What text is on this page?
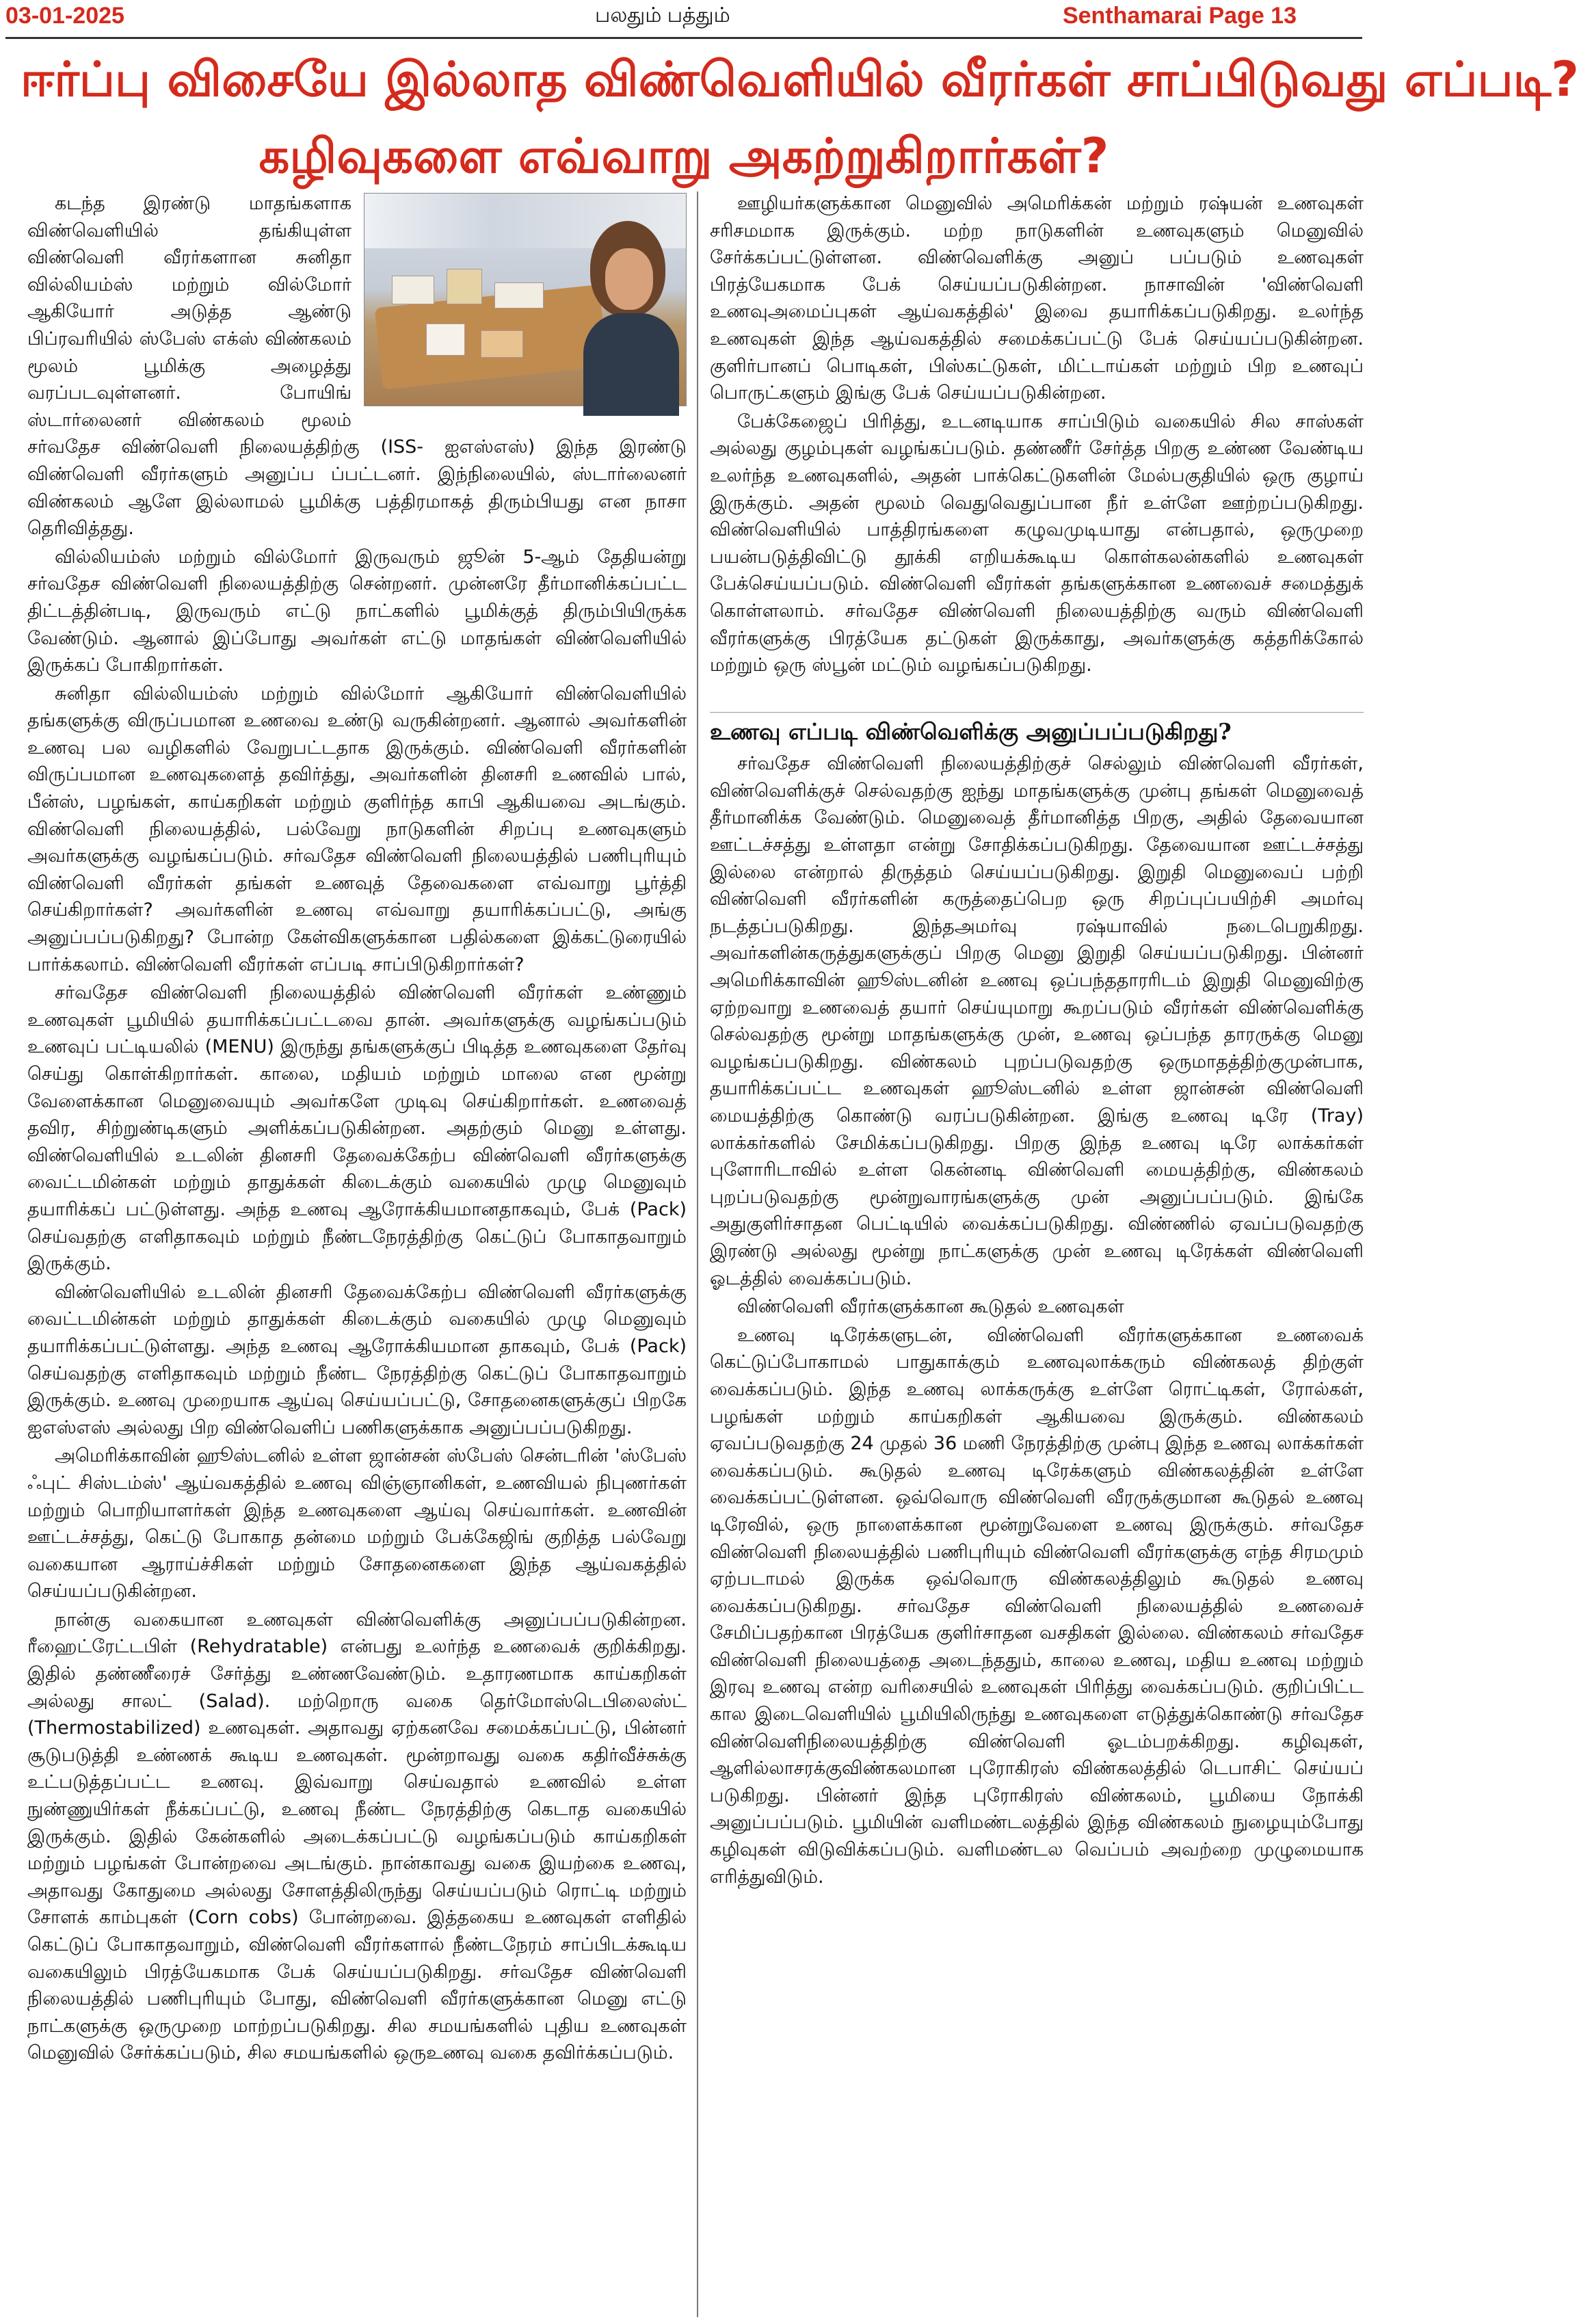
03-01-2025	பலதும் பத்தும்	Senthamarai Page 13
ஈர்ப்பு விசையே இல்லாத விண்வெளியில் வீரர்கள் சாப்பிடுவது எப்படி?
கழிவுகளை எவ்வாறு அகற்றுகிறார்கள்?

கடந்த இரண்டு மாதங்களாக விண்வெளியில் தங்கியுள்ள விண்வெளி வீரர்களான சுனிதா வில்லியம்ஸ் மற்றும் வில்மோர் ஆகியோர் அடுத்த ஆண்டு பிப்ரவரியில் ஸ்பேஸ் எக்ஸ் விண்கலம் மூலம் பூமிக்கு அழைத்து வரப்படவுள்ளனர். போயிங் ஸ்டார்லைனர் விண்கலம் மூலம் சர்வதேச விண்வெளி நிலையத்திற்கு (ISS- ஐஎஸ்எஸ்) இந்த இரண்டு விண்வெளி வீரர்களும் அனுப்ப ப்பட்டனர். இந்நிலையில், ஸ்டார்லைனர் விண்கலம் ஆளே இல்லாமல் பூமிக்கு பத்திரமாகத் திரும்பியது என நாசா தெரிவித்தது.

வில்லியம்ஸ் மற்றும் வில்மோர் இருவரும் ஜூன் 5-ஆம் தேதியன்று சர்வதேச விண்வெளி நிலையத்திற்கு சென்றனர். முன்னரே தீர்மானிக்கப்பட்ட திட்டத்தின்படி, இருவரும் எட்டு நாட்களில் பூமிக்குத் திரும்பியிருக்க வேண்டும். ஆனால் இப்போது அவர்கள் எட்டு மாதங்கள் விண்வெளியில் இருக்கப் போகிறார்கள்.

சுனிதா வில்லியம்ஸ் மற்றும் வில்மோர் ஆகியோர் விண்வெளியில் தங்களுக்கு விருப்பமான உணவை உண்டு வருகின்றனர். ஆனால் அவர்களின் உணவு பல வழிகளில் வேறுபட்டதாக இருக்கும். விண்வெளி வீரர்களின் விருப்பமான உணவுகளைத் தவிர்த்து, அவர்களின் தினசரி உணவில் பால், பீன்ஸ், பழங்கள், காய்கறிகள் மற்றும் குளிர்ந்த காபி ஆகியவை அடங்கும். விண்வெளி நிலையத்தில், பல்வேறு நாடுகளின் சிறப்பு உணவுகளும் அவர்களுக்கு வழங்கப்படும். சர்வதேச விண்வெளி நிலையத்தில் பணிபுரியும் விண்வெளி வீரர்கள் தங்கள் உணவுத் தேவைகளை எவ்வாறு பூர்த்தி செய்கிறார்கள்? அவர்களின் உணவு எவ்வாறு தயாரிக்கப்பட்டு, அங்கு அனுப்பப்படுகிறது? போன்ற கேள்விகளுக்கான பதில்களை இக்கட்டுரையில் பார்க்கலாம். விண்வெளி வீரர்கள் எப்படி சாப்பிடுகிறார்கள்?

சர்வதேச விண்வெளி நிலையத்தில் விண்வெளி வீரர்கள் உண்ணும் உணவுகள் பூமியில் தயாரிக்கப்பட்டவை தான். அவர்களுக்கு வழங்கப்படும் உணவுப் பட்டியலில் (MENU) இருந்து தங்களுக்குப் பிடித்த உணவுகளை தேர்வு செய்து கொள்கிறார்கள். காலை, மதியம் மற்றும் மாலை என மூன்று வேளைக்கான மெனுவையும் அவர்களே முடிவு செய்கிறார்கள். உணவைத் தவிர, சிற்றுண்டிகளும் அளிக்கப்படுகின்றன. அதற்கும் மெனு உள்ளது. விண்வெளியில் உடலின் தினசரி தேவைக்கேற்ப விண்வெளி வீரர்களுக்கு வைட்டமின்கள் மற்றும் தாதுக்கள் கிடைக்கும் வகையில் முழு மெனுவும் தயாரிக்கப் பட்டுள்ளது. அந்த உணவு ஆரோக்கியமானதாகவும், பேக் (Pack) செய்வதற்கு எளிதாகவும் மற்றும் நீண்டநேரத்திற்கு கெட்டுப் போகாதவாறும் இருக்கும்.

விண்வெளியில் உடலின் தினசரி தேவைக்கேற்ப விண்வெளி வீரர்களுக்கு வைட்டமின்கள் மற்றும் தாதுக்கள் கிடைக்கும் வகையில் முழு மெனுவும் தயாரிக்கப்பட்டுள்ளது. அந்த உணவு ஆரோக்கியமான தாகவும், பேக் (Pack) செய்வதற்கு எளிதாகவும் மற்றும் நீண்ட நேரத்திற்கு கெட்டுப் போகாதவாறும் இருக்கும். உணவு முறையாக ஆய்வு செய்யப்பட்டு, சோதனைகளுக்குப் பிறகே ஐஎஸ்எஸ் அல்லது பிற விண்வெளிப் பணிகளுக்காக அனுப்பப்படுகிறது.

அமெரிக்காவின் ஹூஸ்டனில் உள்ள ஜான்சன் ஸ்பேஸ் சென்டரின் 'ஸ்பேஸ் ஃபுட் சிஸ்டம்ஸ்' ஆய்வகத்தில் உணவு விஞ்ஞானிகள், உணவியல் நிபுணர்கள் மற்றும் பொறியாளர்கள் இந்த உணவுகளை ஆய்வு செய்வார்கள். உணவின் ஊட்டச்சத்து, கெட்டு போகாத தன்மை மற்றும் பேக்கேஜிங் குறித்த பல்வேறு வகையான ஆராய்ச்சிகள் மற்றும் சோதனைகளை இந்த ஆய்வகத்தில் செய்யப்படுகின்றன.

நான்கு வகையான உணவுகள் விண்வெளிக்கு அனுப்பப்படுகின்றன. ரீஹைட்ரேட்டபிள் (Rehydratable) என்பது உலர்ந்த உணவைக் குறிக்கிறது. இதில் தண்ணீரைச் சேர்த்து உண்ணவேண்டும். உதாரணமாக காய்கறிகள் அல்லது சாலட் (Salad). மற்றொரு வகை தெர்மோஸ்டெபிலைஸ்ட் (Thermostabilized) உணவுகள். அதாவது ஏற்கனவே சமைக்கப்பட்டு, பின்னர் சூடுபடுத்தி உண்ணக் கூடிய உணவுகள். மூன்றாவது வகை கதிர்வீச்சுக்கு உட்படுத்தப்பட்ட உணவு. இவ்வாறு செய்வதால் உணவில் உள்ள நுண்ணுயிர்கள் நீக்கப்பட்டு, உணவு நீண்ட நேரத்திற்கு கெடாத வகையில் இருக்கும். இதில் கேன்களில் அடைக்கப்பட்டு வழங்கப்படும் காய்கறிகள் மற்றும் பழங்கள் போன்றவை அடங்கும். நான்காவது வகை இயற்கை உணவு, அதாவது கோதுமை அல்லது சோளத்திலிருந்து செய்யப்படும் ரொட்டி மற்றும் சோளக் காம்புகள் (Corn cobs) போன்றவை. இத்தகைய உணவுகள் எளிதில் கெட்டுப் போகாதவாறும், விண்வெளி வீரர்களால் நீண்டநேரம் சாப்பிடக்கூடிய வகையிலும் பிரத்யேகமாக பேக் செய்யப்படுகிறது. சர்வதேச விண்வெளி நிலையத்தில் பணிபுரியும் போது, விண்வெளி வீரர்களுக்கான மெனு எட்டு நாட்களுக்கு ஒருமுறை மாற்றப்படுகிறது. சில சமயங்களில் புதிய உணவுகள் மெனுவில் சேர்க்கப்படும், சில சமயங்களில் ஒருஉணவு வகை தவிர்க்கப்படும்.

ஊழியர்களுக்கான மெனுவில் அமெரிக்கன் மற்றும் ரஷ்யன் உணவுகள் சரிசமமாக இருக்கும். மற்ற நாடுகளின் உணவுகளும் மெனுவில் சேர்க்கப்பட்டுள்ளன. விண்வெளிக்கு அனுப் பப்படும் உணவுகள் பிரத்யேகமாக பேக் செய்யப்படுகின்றன. நாசாவின் 'விண்வெளி உணவுஅமைப்புகள் ஆய்வகத்தில்' இவை தயாரிக்கப்படுகிறது. உலர்ந்த உணவுகள் இந்த ஆய்வகத்தில் சமைக்கப்பட்டு பேக் செய்யப்படுகின்றன. குளிர்பானப் பொடிகள், பிஸ்கட்டுகள், மிட்டாய்கள் மற்றும் பிற உணவுப் பொருட்களும் இங்கு பேக் செய்யப்படுகின்றன.

பேக்கேஜைப் பிரித்து, உடனடியாக சாப்பிடும் வகையில் சில சாஸ்கள் அல்லது குழம்புகள் வழங்கப்படும். தண்ணீர் சேர்த்த பிறகு உண்ண வேண்டிய உலர்ந்த உணவுகளில், அதன் பாக்கெட்டுகளின் மேல்பகுதியில் ஒரு குழாய் இருக்கும். அதன் மூலம் வெதுவெதுப்பான நீர் உள்ளே ஊற்றப்படுகிறது. விண்வெளியில் பாத்திரங்களை கழுவமுடியாது என்பதால், ஒருமுறை பயன்படுத்திவிட்டு தூக்கி எறியக்கூடிய கொள்கலன்களில் உணவுகள் பேக்செய்யப்படும். விண்வெளி வீரர்கள் தங்களுக்கான உணவைச் சமைத்துக் கொள்ளலாம். சர்வதேச விண்வெளி நிலையத்திற்கு வரும் விண்வெளி வீரர்களுக்கு பிரத்யேக தட்டுகள் இருக்காது, அவர்களுக்கு கத்தரிக்கோல் மற்றும் ஒரு ஸ்பூன் மட்டும் வழங்கப்படுகிறது.

உணவு எப்படி விண்வெளிக்கு அனுப்பப்படுகிறது?

சர்வதேச விண்வெளி நிலையத்திற்குச் செல்லும் விண்வெளி வீரர்கள், விண்வெளிக்குச் செல்வதற்கு ஐந்து மாதங்களுக்கு முன்பு தங்கள் மெனுவைத் தீர்மானிக்க வேண்டும். மெனுவைத் தீர்மானித்த பிறகு, அதில் தேவையான ஊட்டச்சத்து உள்ளதா என்று சோதிக்கப்படுகிறது. தேவையான ஊட்டச்சத்து இல்லை என்றால் திருத்தம் செய்யப்படுகிறது. இறுதி மெனுவைப் பற்றி விண்வெளி வீரர்களின் கருத்தைப்பெற ஒரு சிறப்புப்பயிற்சி அமர்வு நடத்தப்படுகிறது. இந்தஅமர்வு ரஷ்யாவில் நடைபெறுகிறது. அவர்களின்கருத்துகளுக்குப் பிறகு மெனு இறுதி செய்யப்படுகிறது. பின்னர் அமெரிக்காவின் ஹூஸ்டனின் உணவு ஒப்பந்ததாரரிடம் இறுதி மெனுவிற்கு ஏற்றவாறு உணவைத் தயார் செய்யுமாறு கூறப்படும் வீரர்கள் விண்வெளிக்கு செல்வதற்கு மூன்று மாதங்களுக்கு முன், உணவு ஒப்பந்த தாரருக்கு மெனு வழங்கப்படுகிறது. விண்கலம் புறப்படுவதற்கு ஒருமாதத்திற்குமுன்பாக, தயாரிக்கப்பட்ட உணவுகள் ஹூஸ்டனில் உள்ள ஜான்சன் விண்வெளி மையத்திற்கு கொண்டு வரப்படுகின்றன. இங்கு உணவு டிரே (Tray) லாக்கர்களில் சேமிக்கப்படுகிறது. பிறகு இந்த உணவு டிரே லாக்கர்கள் புளோரிடாவில் உள்ள கென்னடி விண்வெளி மையத்திற்கு, விண்கலம் புறப்படுவதற்கு மூன்றுவாரங்களுக்கு முன் அனுப்பப்படும். இங்கே அதுகுளிர்சாதன பெட்டியில் வைக்கப்படுகிறது. விண்ணில் ஏவப்படுவதற்கு இரண்டு அல்லது மூன்று நாட்களுக்கு முன் உணவு டிரேக்கள் விண்வெளி ஓடத்தில் வைக்கப்படும்.

விண்வெளி வீரர்களுக்கான கூடுதல் உணவுகள்

உணவு டிரேக்களுடன், விண்வெளி வீரர்களுக்கான உணவைக் கெட்டுப்போகாமல் பாதுகாக்கும் உணவுலாக்கரும் விண்கலத் திற்குள் வைக்கப்படும். இந்த உணவு லாக்கருக்கு உள்ளே ரொட்டிகள், ரோல்கள், பழங்கள் மற்றும் காய்கறிகள் ஆகியவை இருக்கும். விண்கலம் ஏவப்படுவதற்கு 24 முதல் 36 மணி நேரத்திற்கு முன்பு இந்த உணவு லாக்கர்கள் வைக்கப்படும். கூடுதல் உணவு டிரேக்களும் விண்கலத்தின் உள்ளே வைக்கப்பட்டுள்ளன. ஒவ்வொரு விண்வெளி வீரருக்குமான கூடுதல் உணவு டிரேவில், ஒரு நாளைக்கான மூன்றுவேளை உணவு இருக்கும். சர்வதேச விண்வெளி நிலையத்தில் பணிபுரியும் விண்வெளி வீரர்களுக்கு எந்த சிரமமும் ஏற்படாமல் இருக்க ஒவ்வொரு விண்கலத்திலும் கூடுதல் உணவு வைக்கப்படுகிறது. சர்வதேச விண்வெளி நிலையத்தில் உணவைச் சேமிப்பதற்கான பிரத்யேக குளிர்சாதன வசதிகள் இல்லை. விண்கலம் சர்வதேச விண்வெளி நிலையத்தை அடைந்ததும், காலை உணவு, மதிய உணவு மற்றும் இரவு உணவு என்ற வரிசையில் உணவுகள் பிரித்து வைக்கப்படும். குறிப்பிட்ட கால இடைவெளியில் பூமியிலிருந்து உணவுகளை எடுத்துக்கொண்டு சர்வதேச விண்வெளிநிலையத்திற்கு விண்வெளி ஓடம்பறக்கிறது. கழிவுகள், ஆளில்லாசரக்குவிண்கலமான புரோகிரஸ் விண்கலத்தில் டெபாசிட் செய்யப் படுகிறது. பின்னர் இந்த புரோகிரஸ் விண்கலம், பூமியை நோக்கி அனுப்பப்படும். பூமியின் வளிமண்டலத்தில் இந்த விண்கலம் நுழையும்போது கழிவுகள் விடுவிக்கப்படும். வளிமண்டல வெப்பம் அவற்றை முழுமையாக எரித்துவிடும்.
